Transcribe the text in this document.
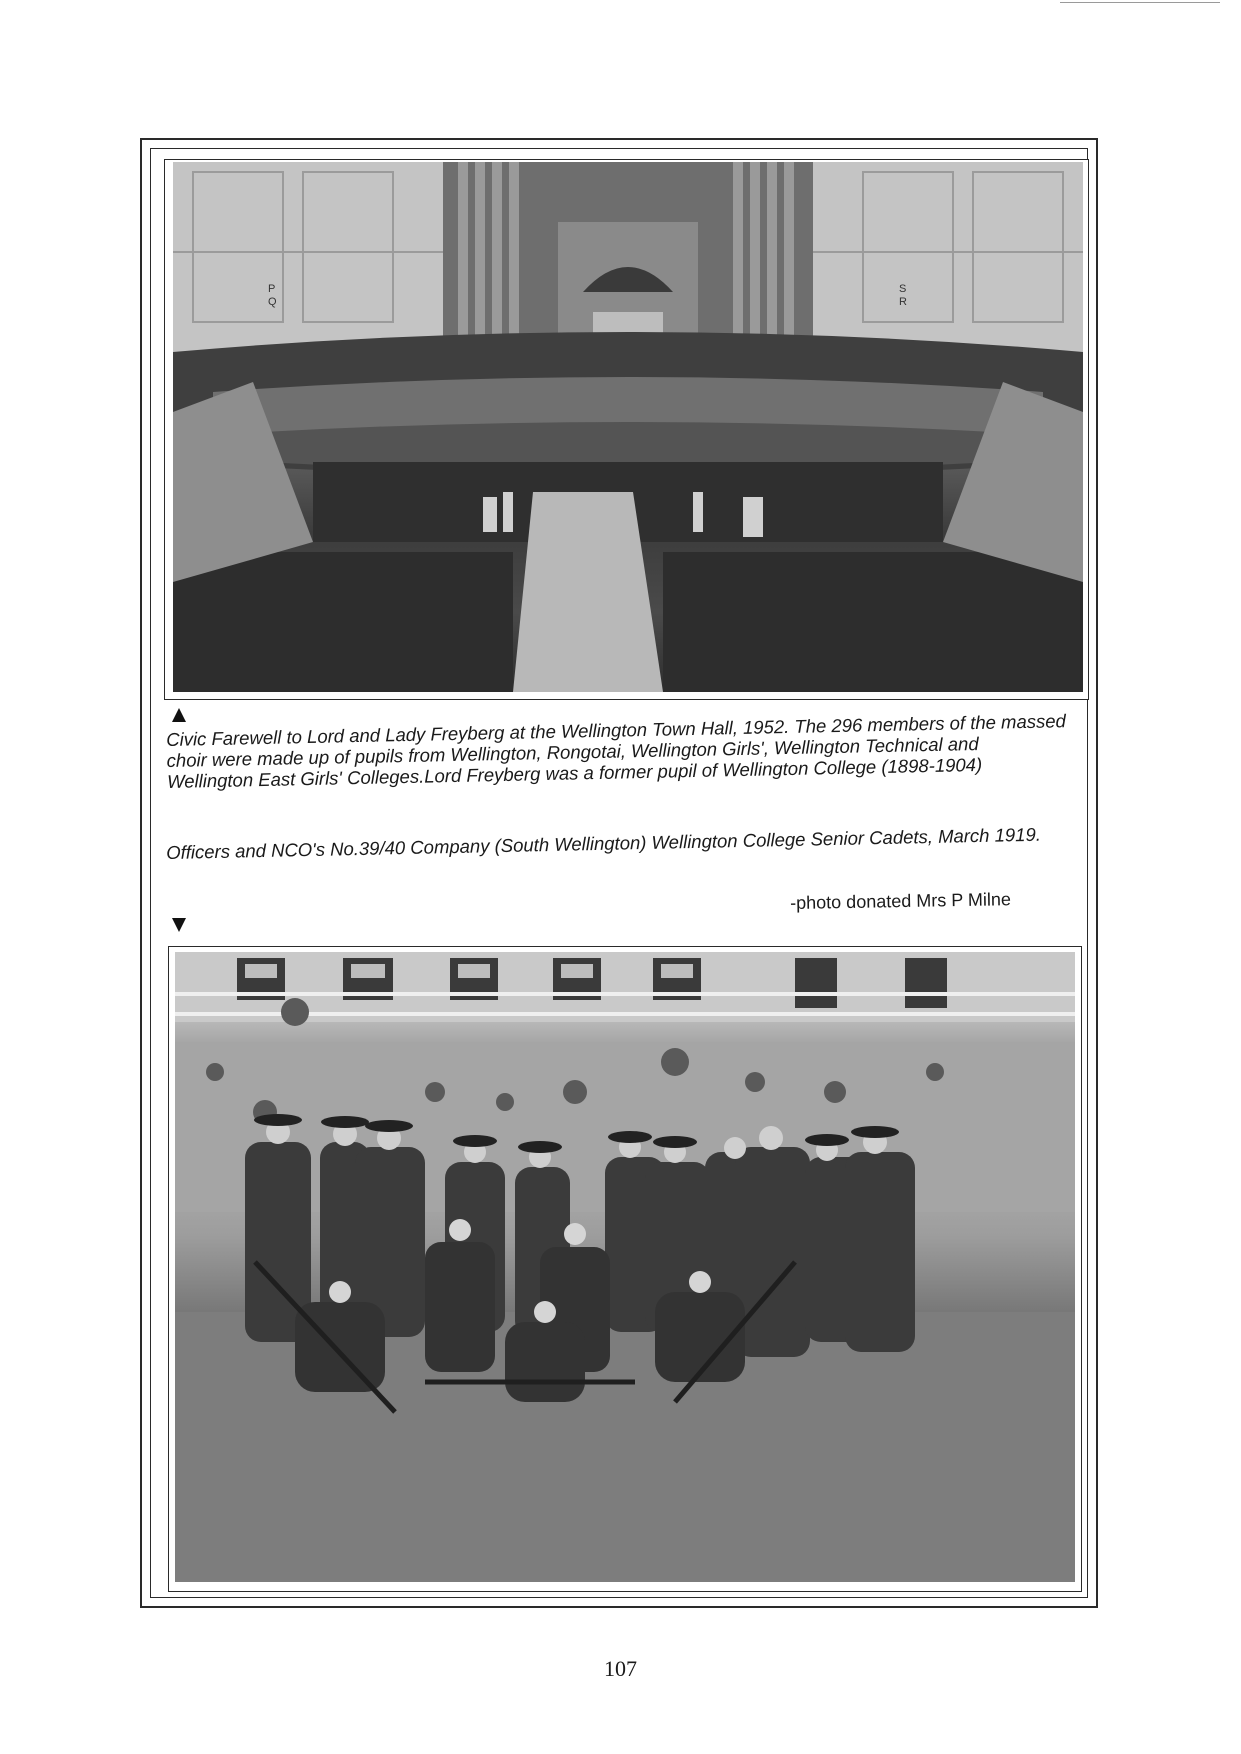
P
Q
S
R
Civic Farewell to Lord and Lady Freyberg at the Wellington Town Hall, 1952. The 296 members of the massed choir were made up of pupils from Wellington, Rongotai, Wellington Girls', Wellington Technical and Wellington East Girls' Colleges.Lord Freyberg was a former pupil of Wellington College (1898-1904)
Officers and NCO's No.39/40 Company (South Wellington) Wellington College Senior Cadets, March 1919.
-photo donated Mrs P Milne
107
